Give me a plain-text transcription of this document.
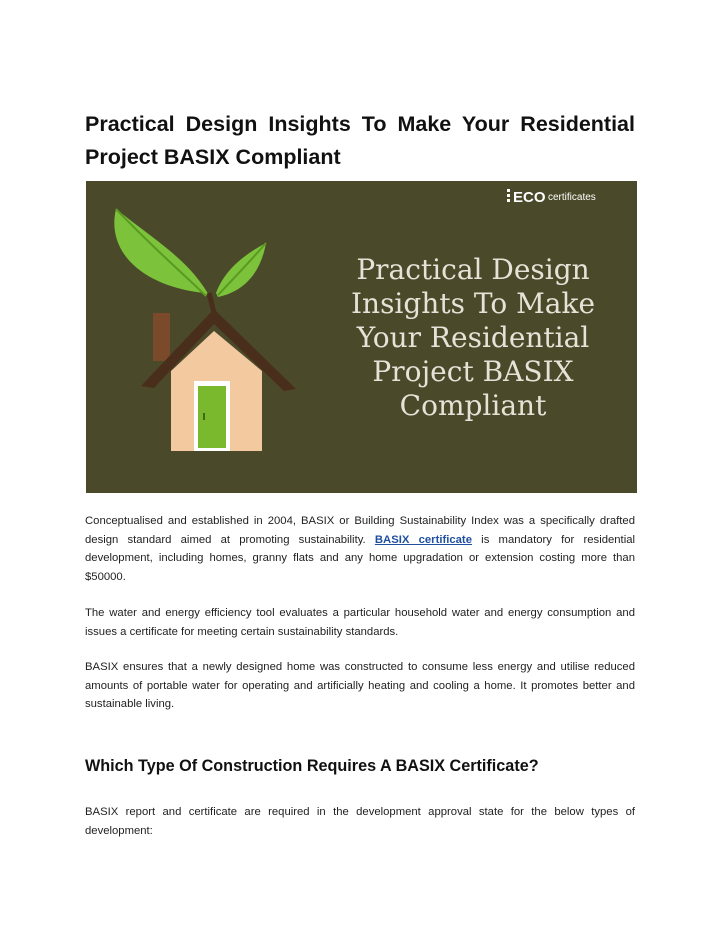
Practical Design Insights To Make Your Residential Project BASIX Compliant
ECO certificates
Practical Design
Insights To Make
Your Residential
Project BASIX
Compliant

Conceptualised and established in 2004, BASIX or Building Sustainability Index was a specifically drafted design standard aimed at promoting sustainability. BASIX certificate is mandatory for residential development, including homes, granny flats and any home upgradation or extension costing more than $50000.

The water and energy efficiency tool evaluates a particular household water and energy consumption and issues a certificate for meeting certain sustainability standards.

BASIX ensures that a newly designed home was constructed to consume less energy and utilise reduced amounts of portable water for operating and artificially heating and cooling a home. It promotes better and sustainable living.

Which Type Of Construction Requires A BASIX Certificate?

BASIX report and certificate are required in the development approval state for the below types of development:
